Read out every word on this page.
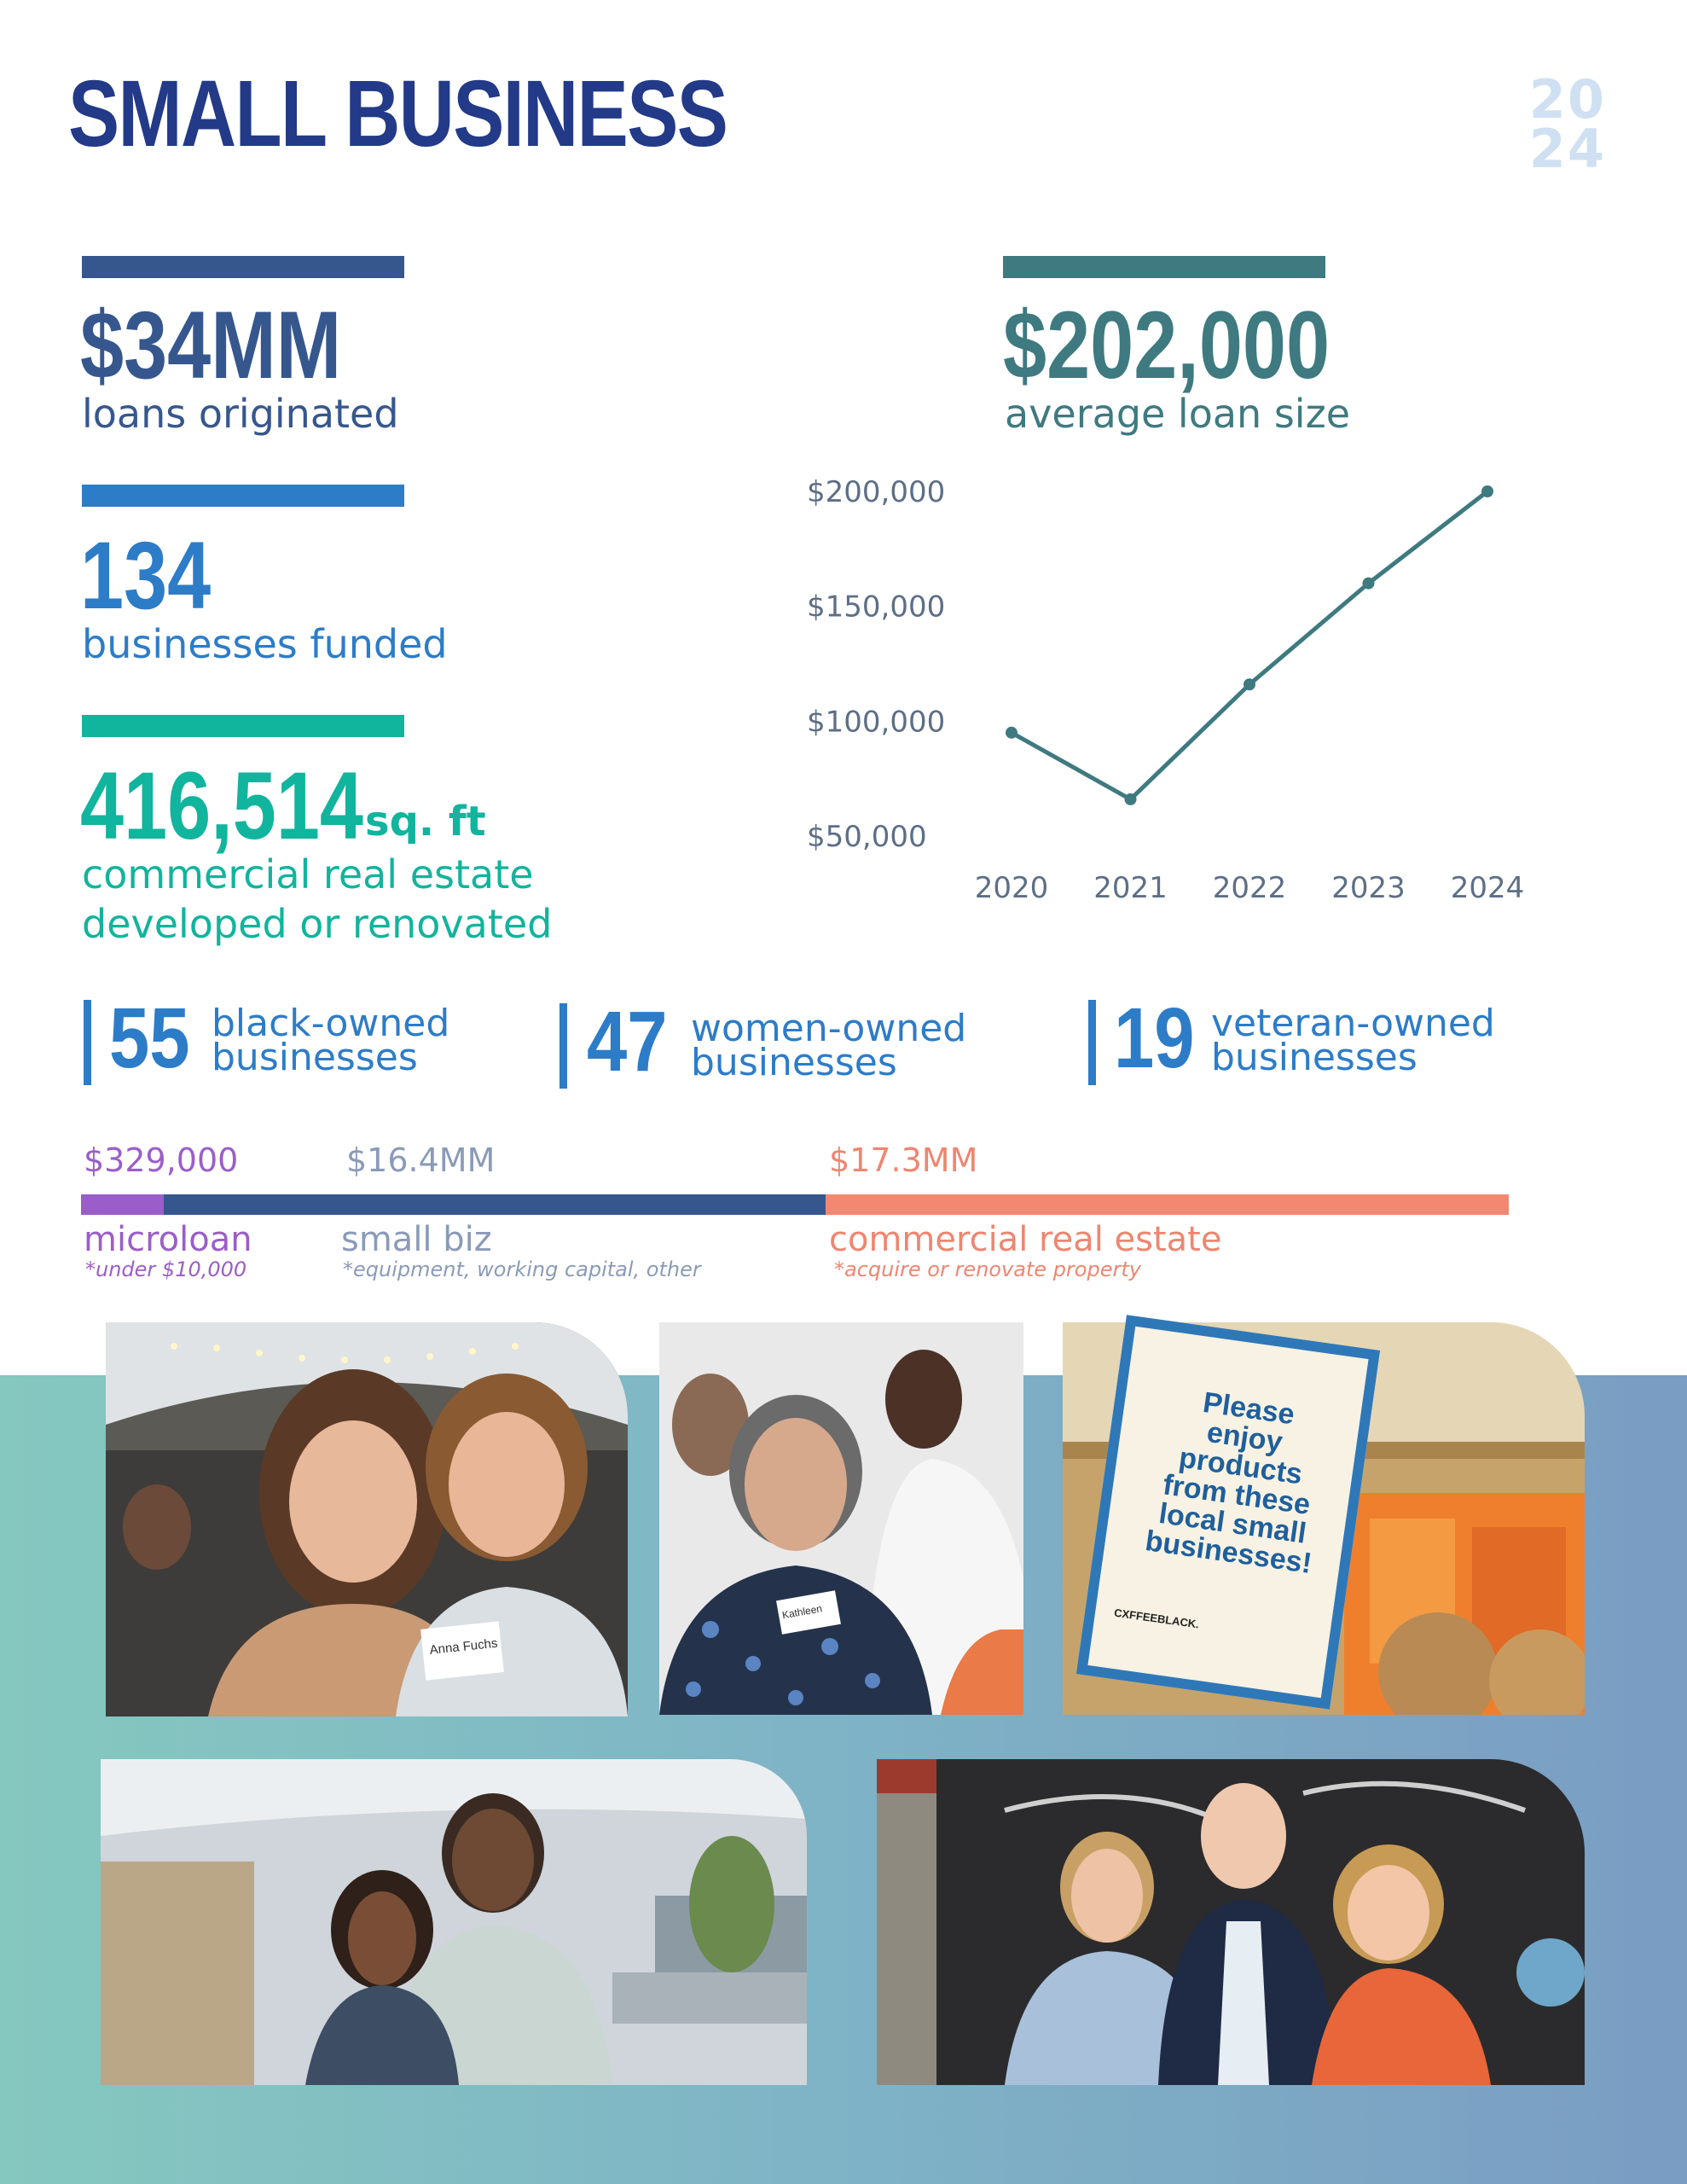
SMALL BUSINESS	20
24
$34MM
loans originated
134
businesses funded
416,514 sq. ft
commercial real estate
developed or renovated
$202,000
average loan size
$200,000
$150,000
$100,000
$50,000
2020 2021 2022 2023 2024
55 black-owned
businesses	47 women-owned
businesses	19 veteran-owned
businesses
$329,000	$16.4MM	$17.3MM
microloan
*under $10,000
small biz
*equipment, working capital, other
commercial real estate
*acquire or renovate property
Anna Fuchs
Kathleen
Please
enjoy
products
from these
local small
businesses!
CXFFEEBLACK.
